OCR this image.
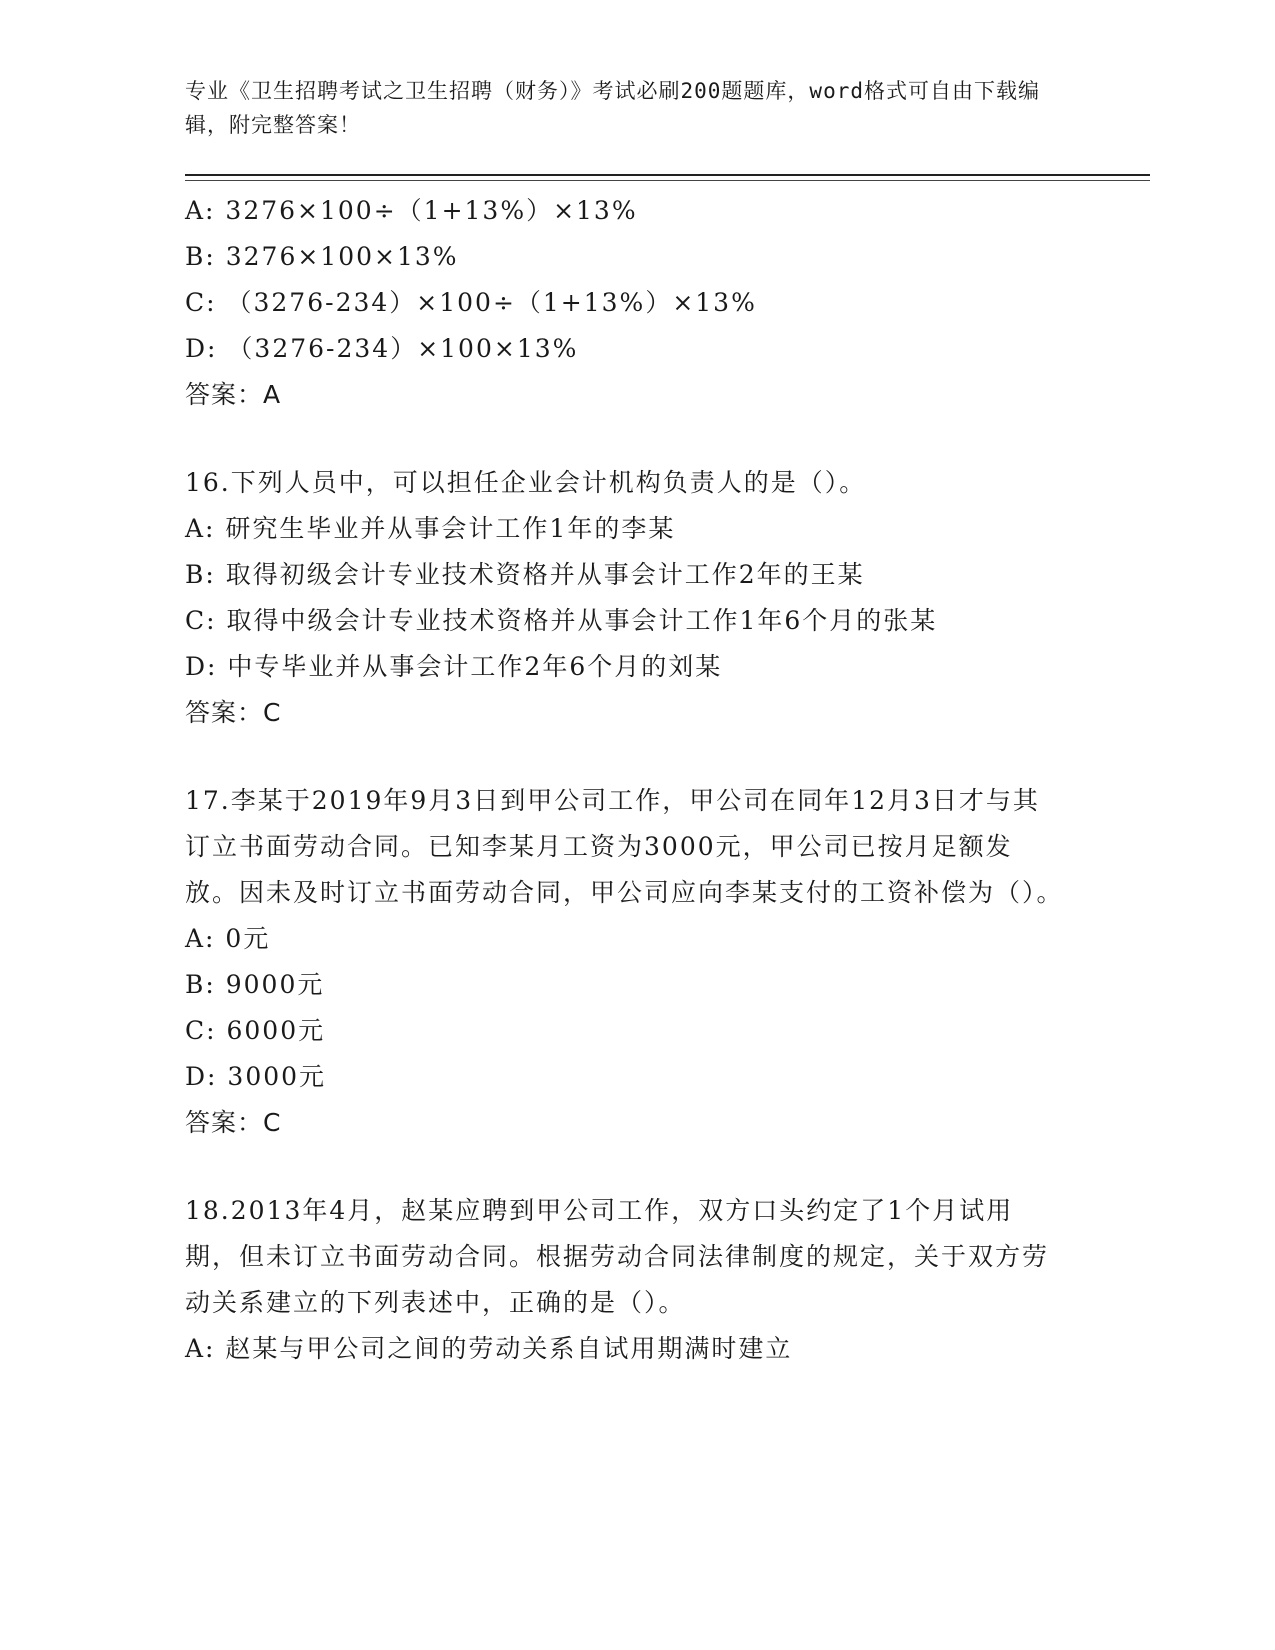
专业《卫生招聘考试之卫生招聘（财务）》考试必刷200题题库，word格式可自由下载编辑，附完整答案！
A: 3276×100÷（1+13%）×13%
B: 3276×100×13%
C: （3276-234）×100÷（1+13%）×13%
D: （3276-234）×100×13%
答案：A
16.下列人员中，可以担任企业会计机构负责人的是（）。
A: 研究生毕业并从事会计工作1年的李某
B: 取得初级会计专业技术资格并从事会计工作2年的王某
C: 取得中级会计专业技术资格并从事会计工作1年6个月的张某
D: 中专毕业并从事会计工作2年6个月的刘某
答案：C
17.李某于2019年9月3日到甲公司工作，甲公司在同年12月3日才与其订立书面劳动合同。已知李某月工资为3000元，甲公司已按月足额发放。因未及时订立书面劳动合同，甲公司应向李某支付的工资补偿为（）。
A: 0元
B: 9000元
C: 6000元
D: 3000元
答案：C
18.2013年4月，赵某应聘到甲公司工作，双方口头约定了1个月试用期，但未订立书面劳动合同。根据劳动合同法律制度的规定，关于双方劳动关系建立的下列表述中，正确的是（）。
A: 赵某与甲公司之间的劳动关系自试用期满时建立
